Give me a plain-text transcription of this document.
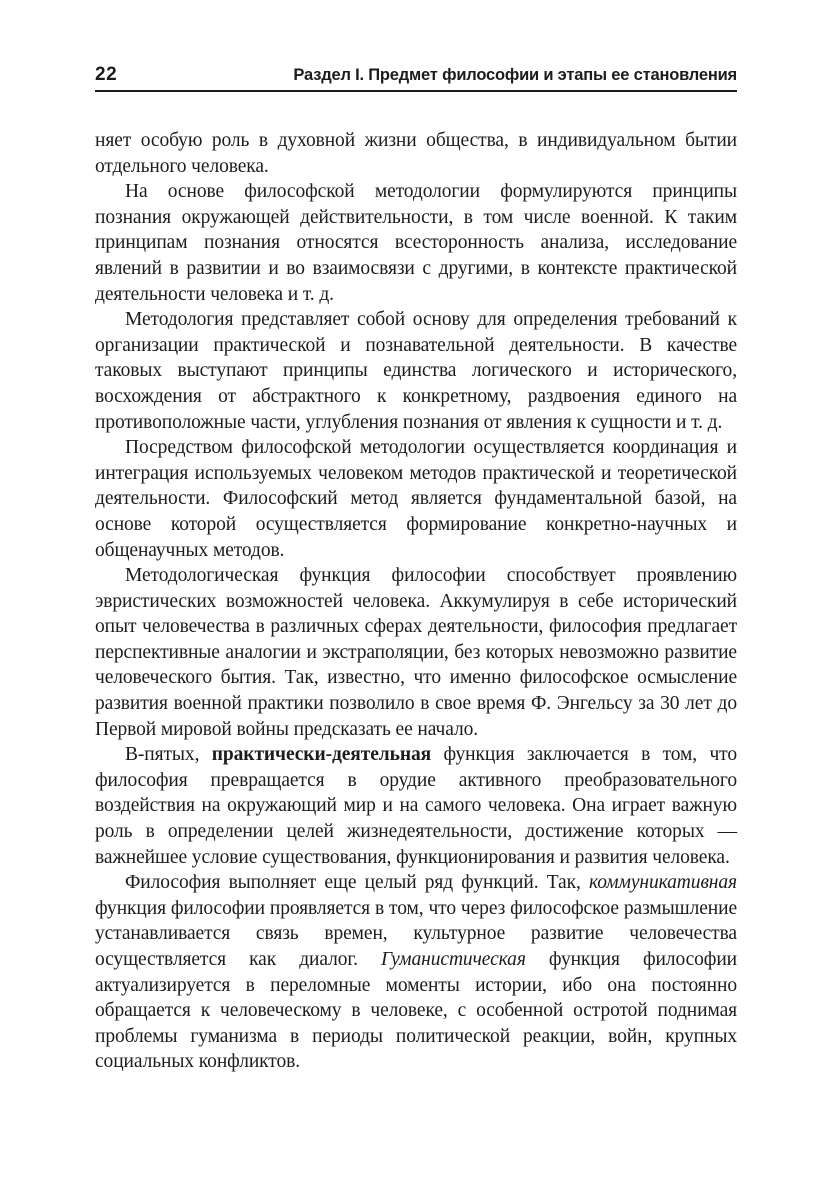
22	Раздел I. Предмет философии и этапы ее становления

няет особую роль в духовной жизни общества, в индивидуальном бытии отдельного человека.

На основе философской методологии формулируются принципы познания окружающей действительности, в том числе военной. К таким принципам познания относятся всесторонность анализа, исследование явлений в развитии и во взаимосвязи с другими, в контексте практической деятельности человека и т. д.

Методология представляет собой основу для определения требований к организации практической и познавательной деятельности. В качестве таковых выступают принципы единства логического и исторического, восхождения от абстрактного к конкретному, раздвоения единого на противоположные части, углубления познания от явления к сущности и т. д.

Посредством философской методологии осуществляется координация и интеграция используемых человеком методов практической и теоретической деятельности. Философский метод является фундаментальной базой, на основе которой осуществляется формирование конкретно-научных и общенаучных методов.

Методологическая функция философии способствует проявлению эвристических возможностей человека. Аккумулируя в себе исторический опыт человечества в различных сферах деятельности, философия предлагает перспективные аналогии и экстраполяции, без которых невозможно развитие человеческого бытия. Так, известно, что именно философское осмысление развития военной практики позволило в свое время Ф. Энгельсу за 30 лет до Первой мировой войны предсказать ее начало.

В-пятых, практически-деятельная функция заключается в том, что философия превращается в орудие активного преобразовательного воздействия на окружающий мир и на самого человека. Она играет важную роль в определении целей жизнедеятельности, достижение которых — важнейшее условие существования, функционирования и развития человека.

Философия выполняет еще целый ряд функций. Так, коммуникативная функция философии проявляется в том, что через философское размышление устанавливается связь времен, культурное развитие человечества осуществляется как диалог. Гуманистическая функция философии актуализируется в переломные моменты истории, ибо она постоянно обращается к человеческому в человеке, с особенной остротой поднимая проблемы гуманизма в периоды политической реакции, войн, крупных социальных конфликтов.
